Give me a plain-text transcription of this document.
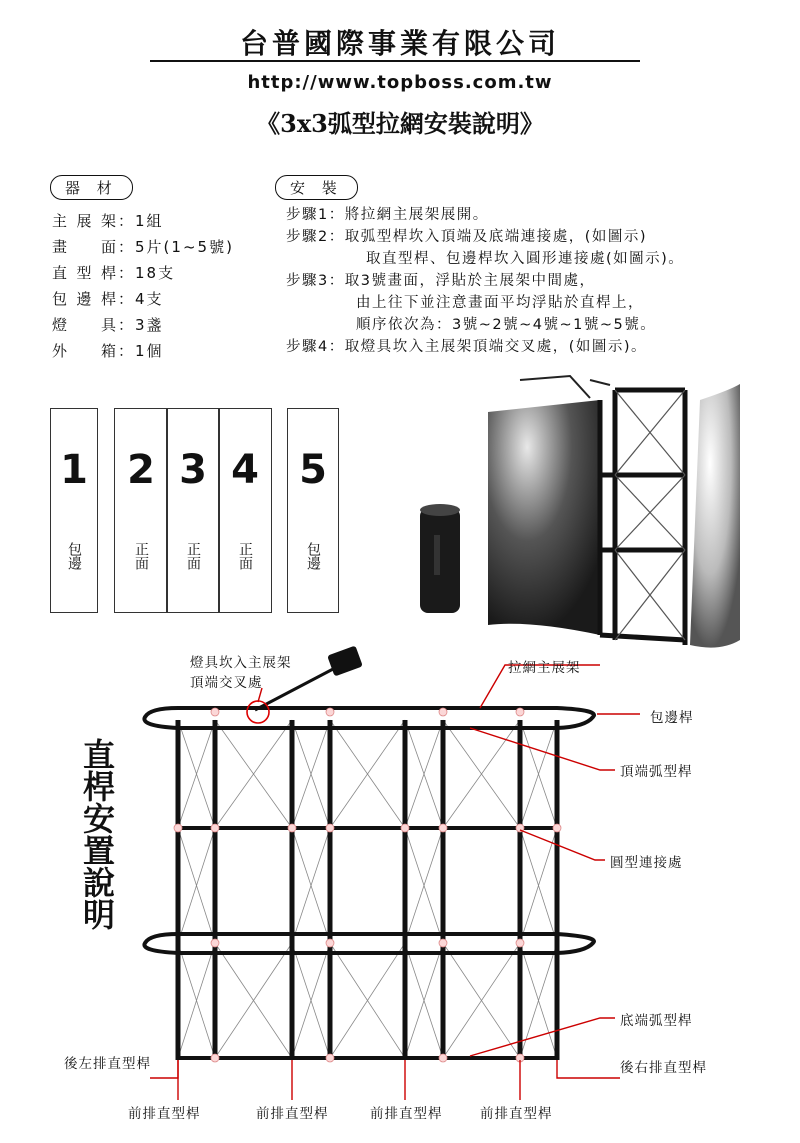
台普國際事業有限公司
http://www.topboss.com.tw
《3x3弧型拉網安裝說明》
器 材
主展架：1組
畫　面：5片(1~5號)
直型桿：18支
包邊桿：4支
燈　具：3盞
外　箱：1個
安 裝
步驟1：將拉網主展架展開。
步驟2：取弧型桿坎入頂端及底端連接處，(如圖示)
取直型桿、包邊桿坎入圓形連接處(如圖示)。
步驟3：取3號畫面，浮貼於主展架中間處，
由上往下並注意畫面平均浮貼於直桿上，
順序依次為：3號~2號~4號~1號~5號。
步驟4：取燈具坎入主展架頂端交叉處，(如圖示)。
1
包邊
2
正面
3
正面
4
正面
5
包邊
直桿安置說明
燈具坎入主展架
頂端交叉處
拉網主展架
包邊桿
頂端弧型桿
圓型連接處
底端弧型桿
後左排直型桿	後右排直型桿
前排直型桿	前排直型桿	前排直型桿	前排直型桿
